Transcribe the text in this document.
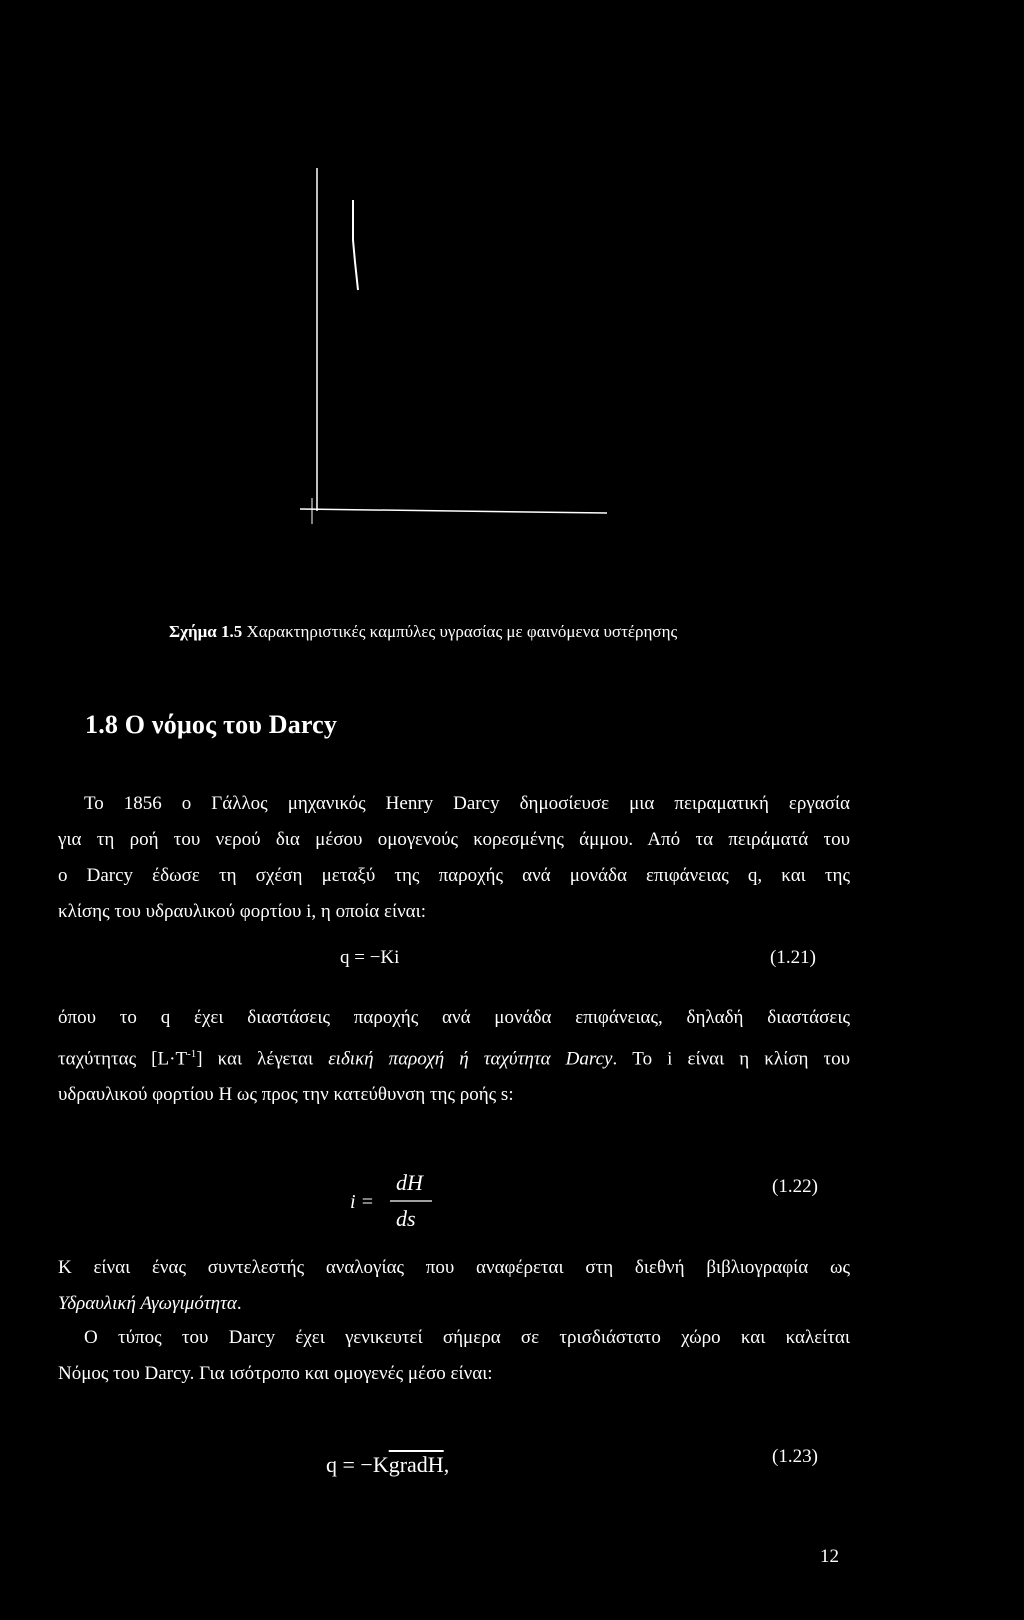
Σχήμα 1.5 Χαρακτηριστικές καμπύλες υγρασίας με φαινόμενα υστέρησης
1.8 Ο νόμος του Darcy
Το 1856 ο Γάλλος μηχανικός Henry Darcy δημοσίευσε μια πειραματική εργασία
για τη ροή του νερού δια μέσου ομογενούς κορεσμένης άμμου. Από τα πειράματά του
ο Darcy έδωσε τη σχέση μεταξύ της παροχής ανά μονάδα επιφάνειας q, και της
κλίσης του υδραυλικού φορτίου i, η οποία είναι:
q = −Ki	(1.21)
όπου το q έχει διαστάσεις παροχής ανά μονάδα επιφάνειας, δηλαδή διαστάσεις
ταχύτητας $[L\cdot T^{-1}]$ και λέγεται ειδική παροχή ή ταχύτητα Darcy. Το i είναι η κλίση του
υδραυλικού φορτίου H ως προς την κατεύθυνση της ροής s:
i =
dH
ds
(1.22)
K είναι ένας συντελεστής αναλογίας που αναφέρεται στη διεθνή βιβλιογραφία ως
Υδραυλική Αγωγιμότητα.
Ο τύπος του Darcy έχει γενικευτεί σήμερα σε τρισδιάστατο χώρο και καλείται
Νόμος του Darcy. Για ισότροπο και ομογενές μέσο είναι:
q = −KgradH,	(1.23)
12
